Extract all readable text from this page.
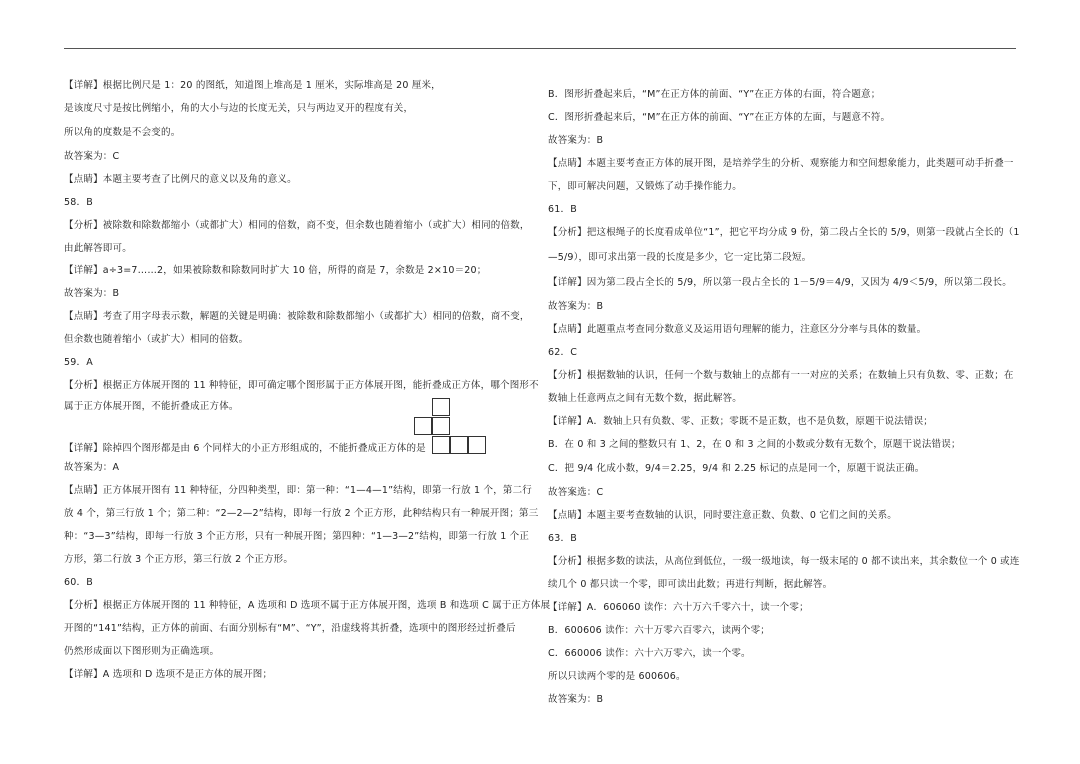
【详解】根据比例尺是 1：20 的图纸，知道图上堆高是 1 厘米，实际堆高是 20 厘米，
是该度尺寸是按比例缩小，角的大小与边的长度无关，只与两边叉开的程度有关，
所以角的度数是不会变的。
故答案为：C
【点睛】本题主要考查了比例尺的意义以及角的意义。
58．B
【分析】被除数和除数都缩小（或都扩大）相同的倍数，商不变，但余数也随着缩小（或扩大）相同的倍数，
由此解答即可。
【详解】a÷3=7……2，如果被除数和除数同时扩大 10 倍，所得的商是 7，余数是 2×10＝20；
故答案为：B
【点睛】考查了用字母表示数，解题的关键是明确：被除数和除数都缩小（或都扩大）相同的倍数，商不变，
但余数也随着缩小（或扩大）相同的倍数。
59．A
【分析】根据正方体展开图的 11 种特征，即可确定哪个图形属于正方体展开图，能折叠成正方体，哪个图形不
属于正方体展开图，不能折叠成正方体。
【详解】除掉四个图形都是由 6 个同样大的小正方形组成的，不能折叠成正方体的是
故答案为：A
【点睛】正方体展开图有 11 种特征，分四种类型，即：第一种：“1—4—1”结构，即第一行放 1 个，第二行
放 4 个，第三行放 1 个；第二种：“2—2—2”结构，即每一行放 2 个正方形，此种结构只有一种展开图；第三
种：“3—3”结构，即每一行放 3 个正方形，只有一种展开图；第四种：“1—3—2”结构，即第一行放 1 个正
方形，第二行放 3 个正方形，第三行放 2 个正方形。
60．B
【分析】根据正方体展开图的 11 种特征，A 选项和 D 选项不属于正方体展开图，选项 B 和选项 C 属于正方体展
开图的“141”结构，正方体的前面、右面分别标有“M”、“Y”，沿虚线将其折叠，选项中的图形经过折叠后
仍然形成面以下图形则为正确选项。
【详解】A 选项和 D 选项不是正方体的展开图；
B．图形折叠起来后，“M”在正方体的前面、“Y”在正方体的右面，符合题意；
C．图形折叠起来后，“M”在正方体的前面、“Y”在正方体的左面，与题意不符。
故答案为：B
【点睛】本题主要考查正方体的展开图，是培养学生的分析、观察能力和空间想象能力，此类题可动手折叠一
下，即可解决问题，又锻炼了动手操作能力。
61．B
【分析】把这根绳子的长度看成单位“1”，把它平均分成 9 份，第二段占全长的 5/9，则第一段就占全长的（1
—5/9），即可求出第一段的长度是多少，它一定比第二段短。
【详解】因为第二段占全长的 5/9，所以第一段占全长的 1－5/9＝4/9，又因为 4/9＜5/9，所以第二段长。
故答案为：B
【点睛】此题重点考查同分数意义及运用语句理解的能力，注意区分分率与具体的数量。
62．C
【分析】根据数轴的认识，任何一个数与数轴上的点都有一一对应的关系；在数轴上只有负数、零、正数；在
数轴上任意两点之间有无数个数，据此解答。
【详解】A．数轴上只有负数、零、正数；零既不是正数，也不是负数，原题干说法错误；
B．在 0 和 3 之间的整数只有 1、2，在 0 和 3 之间的小数或分数有无数个，原题干说法错误；
C．把 9/4 化成小数，9/4＝2.25，9/4 和 2.25 标记的点是同一个，原题干说法正确。
故答案选：C
【点睛】本题主要考查数轴的认识，同时要注意正数、负数、0 它们之间的关系。
63．B
【分析】根据多数的读法，从高位到低位，一级一级地读，每一级末尾的 0 都不读出来，其余数位一个 0 或连
续几个 0 都只读一个零，即可读出此数；再进行判断，据此解答。
【详解】A．606060 读作：六十万六千零六十，读一个零；
B．600606 读作：六十万零六百零六，读两个零；
C．660006 读作：六十六万零六，读一个零。
所以只读两个零的是 600606。
故答案为：B
